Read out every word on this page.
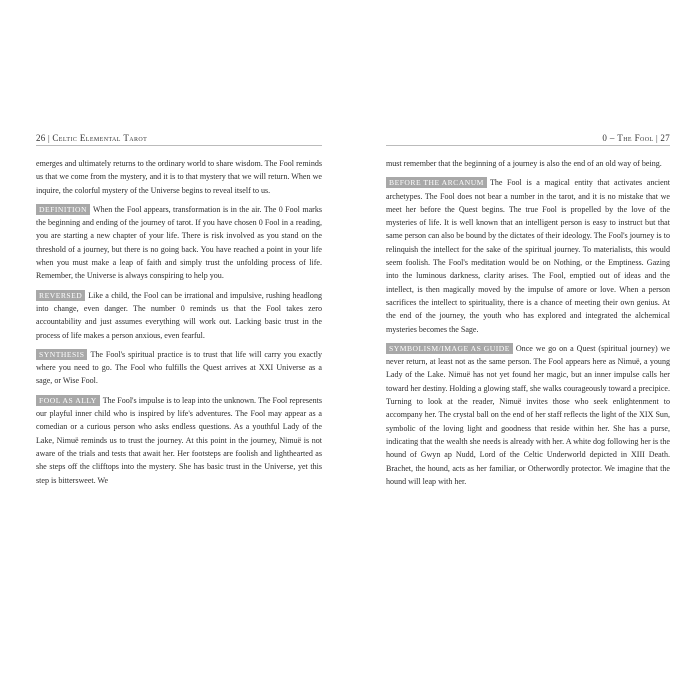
26 | Celtic Elemental Tarot

emerges and ultimately returns to the ordinary world to share wisdom. The Fool reminds us that we come from the mystery, and it is to that mystery that we will return. When we inquire, the colorful mystery of the Universe begins to reveal itself to us.

DEFINITION When the Fool appears, transformation is in the air. The 0 Fool marks the beginning and ending of the journey of tarot. If you have chosen 0 Fool in a reading, you are starting a new chapter of your life. There is risk involved as you stand on the threshold of a journey, but there is no going back. You have reached a point in your life when you must make a leap of faith and simply trust the unfolding process of life. Remember, the Universe is always conspiring to help you.

REVERSED Like a child, the Fool can be irrational and impulsive, rushing headlong into change, even danger. The number 0 reminds us that the Fool takes zero accountability and just assumes everything will work out. Lacking basic trust in the process of life makes a person anxious, even fearful.

SYNTHESIS The Fool's spiritual practice is to trust that life will carry you exactly where you need to go. The Fool who fulfills the Quest arrives at XXI Universe as a sage, or Wise Fool.

FOOL AS ALLY The Fool's impulse is to leap into the unknown. The Fool represents our playful inner child who is inspired by life's adventures. The Fool may appear as a comedian or a curious person who asks endless questions. As a youthful Lady of the Lake, Nimuë reminds us to trust the journey. At this point in the journey, Nimuë is not aware of the trials and tests that await her. Her footsteps are foolish and lighthearted as she steps off the clifftops into the mystery. She has basic trust in the Universe, yet this step is bittersweet. We

0 – The Fool | 27

must remember that the beginning of a journey is also the end of an old way of being.

BEFORE THE ARCANUM The Fool is a magical entity that activates ancient archetypes. The Fool does not bear a number in the tarot, and it is no mistake that we meet her before the Quest begins. The true Fool is propelled by the love of the mysteries of life. It is well known that an intelligent person is easy to instruct but that same person can also be bound by the dictates of their ideology. The Fool's journey is to relinquish the intellect for the sake of the spiritual journey. To materialists, this would seem foolish. The Fool's meditation would be on Nothing, or the Emptiness. Gazing into the luminous darkness, clarity arises. The Fool, emptied out of ideas and the intellect, is then magically moved by the impulse of amore or love. When a person sacrifices the intellect to spirituality, there is a chance of meeting their own genius. At the end of the journey, the youth who has explored and integrated the alchemical mysteries becomes the Sage.

SYMBOLISM/IMAGE AS GUIDE Once we go on a Quest (spiritual journey) we never return, at least not as the same person. The Fool appears here as Nimuë, a young Lady of the Lake. Nimuë has not yet found her magic, but an inner impulse calls her toward her destiny. Holding a glowing staff, she walks courageously toward a precipice. Turning to look at the reader, Nimuë invites those who seek enlightenment to accompany her. The crystal ball on the end of her staff reflects the light of the XIX Sun, symbolic of the loving light and goodness that reside within her. She has a purse, indicating that the wealth she needs is already with her. A white dog following her is the hound of Gwyn ap Nudd, Lord of the Celtic Underworld depicted in XIII Death. Brachet, the hound, acts as her familiar, or Otherwordly protector. We imagine that the hound will leap with her.
